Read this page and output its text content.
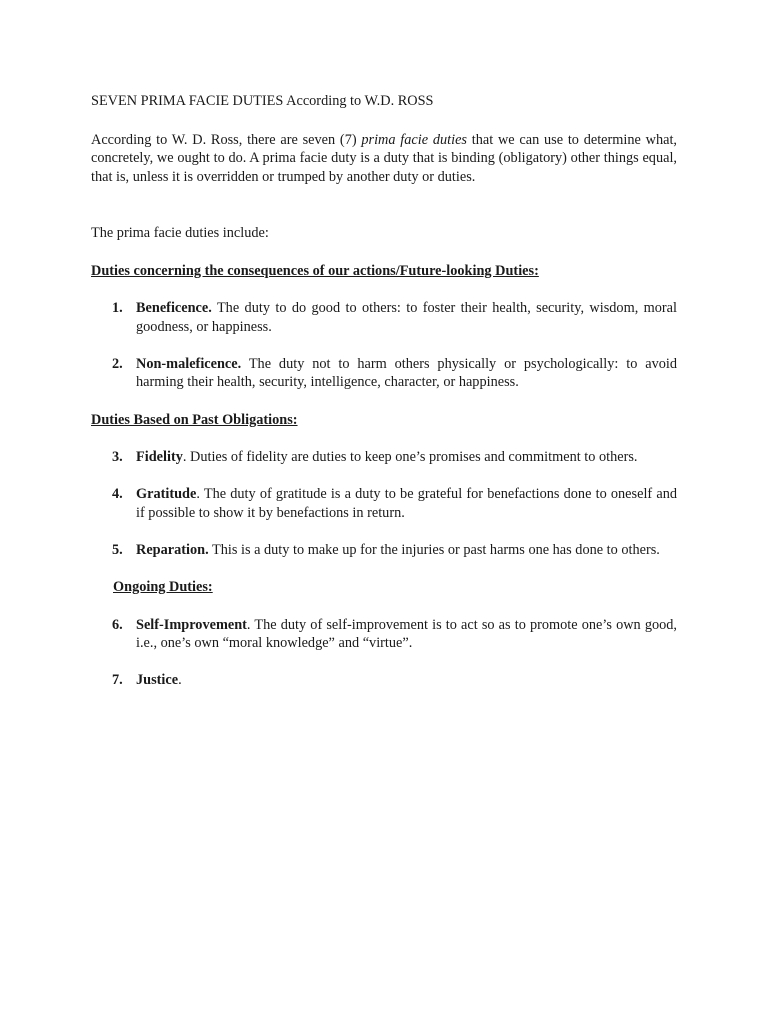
SEVEN PRIMA FACIE DUTIES According to W.D. ROSS

According to W. D. Ross, there are seven (7) prima facie duties that we can use to determine what, concretely, we ought to do. A prima facie duty is a duty that is binding (obligatory) other things equal, that is, unless it is overridden or trumped by another duty or duties.

The prima facie duties include:

Duties concerning the consequences of our actions/Future-looking Duties:

1. Beneficence. The duty to do good to others: to foster their health, security, wisdom, moral goodness, or happiness.
2. Non-maleficence. The duty not to harm others physically or psychologically: to avoid harming their health, security, intelligence, character, or happiness.

Duties Based on Past Obligations:

3. Fidelity. Duties of fidelity are duties to keep one’s promises and commitment to others.
4. Gratitude. The duty of gratitude is a duty to be grateful for benefactions done to oneself and if possible to show it by benefactions in return.
5. Reparation. This is a duty to make up for the injuries or past harms one has done to others.

Ongoing Duties:

6. Self-Improvement. The duty of self-improvement is to act so as to promote one’s own good, i.e., one’s own “moral knowledge” and “virtue”.
7. Justice.
